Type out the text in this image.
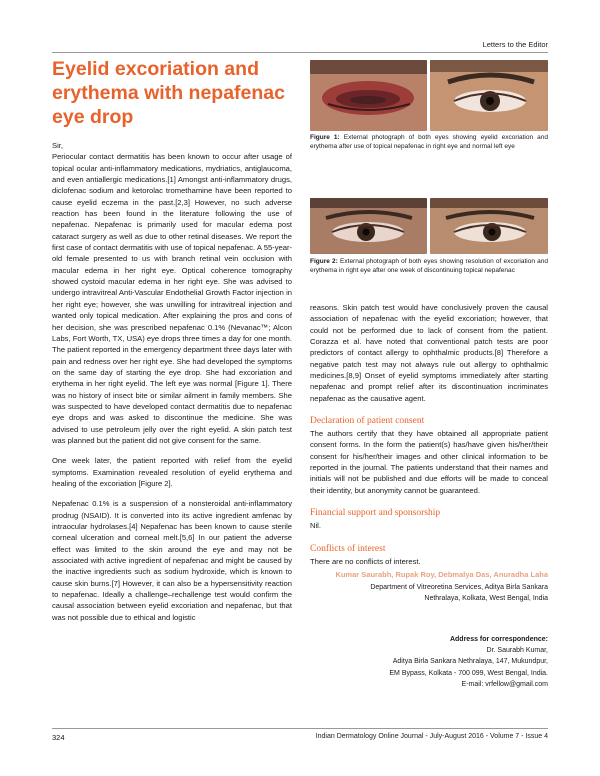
Letters to the Editor
Eyelid excoriation and erythema with nepafenac eye drop

Sir,

Periocular contact dermatitis has been known to occur after usage of topical ocular anti-inflammatory medications, mydriatics, antiglaucoma, and even antiallergic medications.[1] Amongst anti-inflammatory drugs, diclofenac sodium and ketorolac tromethamine have been reported to cause eyelid eczema in the past.[2,3] However, no such adverse reaction has been found in the literature following the use of nepafenac. Nepafenac is primarily used for macular edema post cataract surgery as well as due to other retinal diseases. We report the first case of contact dermatitis with use of topical nepafenac. A 55-year-old female presented to us with branch retinal vein occlusion with macular edema in her right eye. Optical coherence tomography showed cystoid macular edema in her right eye. She was advised to undergo intravitreal Anti-Vascular Endothelial Growth Factor injection in her right eye; however, she was unwilling for intravitreal injection and wanted only topical medication. After explaining the pros and cons of her decision, she was prescribed nepafenac 0.1% (Nevanac™; Alcon Labs, Fort Worth, TX, USA) eye drops three times a day for one month. The patient reported in the emergency department three days later with pain and redness over her right eye. She had developed the symptoms on the same day of starting the eye drop. She had excoriation and erythema in her right eyelid. The left eye was normal [Figure 1]. There was no history of insect bite or similar ailment in family members. She was suspected to have developed contact dermatitis due to nepafenac eye drops and was asked to discontinue the medicine. She was advised to use petroleum jelly over the right eyelid. A skin patch test was planned but the patient did not give consent for the same.

One week later, the patient reported with relief from the eyelid symptoms. Examination revealed resolution of eyelid erythema and healing of the excoriation [Figure 2].

Nepafenac 0.1% is a suspension of a nonsteroidal anti-inflammatory prodrug (NSAID). It is converted into its active ingredient amfenac by intraocular hydrolases.[4] Nepafenac has been known to cause sterile corneal ulceration and corneal melt.[5,6] In our patient the adverse effect was limited to the skin around the eye and may not be associated with active ingredient of nepafenac and might be caused by the inactive ingredients such as sodium hydroxide, which is known to cause skin burns.[7] However, it can also be a hypersensitivity reaction to nepafenac. Ideally a challenge–rechallenge test would confirm the causal association between eyelid excoriation and nepafenac, but that was not possible due to ethical and logistic

Figure 1: External photograph of both eyes showing eyelid excoriation and erythema after use of topical nepafenac in right eye and normal left eye
Figure 2: External photograph of both eyes showing resolution of excoriation and erythema in right eye after one week of discontinuing topical nepafenac

reasons. Skin patch test would have conclusively proven the causal association of nepafenac with the eyelid excoriation; however, that could not be performed due to lack of consent from the patient. Corazza et al. have noted that conventional patch tests are poor predictors of contact allergy to ophthalmic products.[8] Therefore a negative patch test may not always rule out allergy to ophthalmic medicines.[8,9] Onset of eyelid symptoms immediately after starting nepafenac and prompt relief after its discontinuation incriminates nepafenac as the causative agent.

Declaration of patient consent

The authors certify that they have obtained all appropriate patient consent forms. In the form the patient(s) has/have given his/her/their consent for his/her/their images and other clinical information to be reported in the journal. The patients understand that their names and initials will not be published and due efforts will be made to conceal their identity, but anonymity cannot be guaranteed.

Financial support and sponsorship

Nil.

Conflicts of interest

There are no conflicts of interest.

Kumar Saurabh, Rupak Roy, Debmalya Das, Anuradha Laha
Department of Vitreoretina Services, Aditya Birla Sankara
Nethralaya, Kolkata, West Bengal, India
Address for correspondence:
Dr. Saurabh Kumar,
Aditya Birla Sankara Nethralaya, 147, Mukundpur,
EM Bypass, Kolkata - 700 099, West Bengal, India.
E-mail: vrfellow@gmail.com
324	Indian Dermatology Online Journal - July-August 2016 - Volume 7 - Issue 4
